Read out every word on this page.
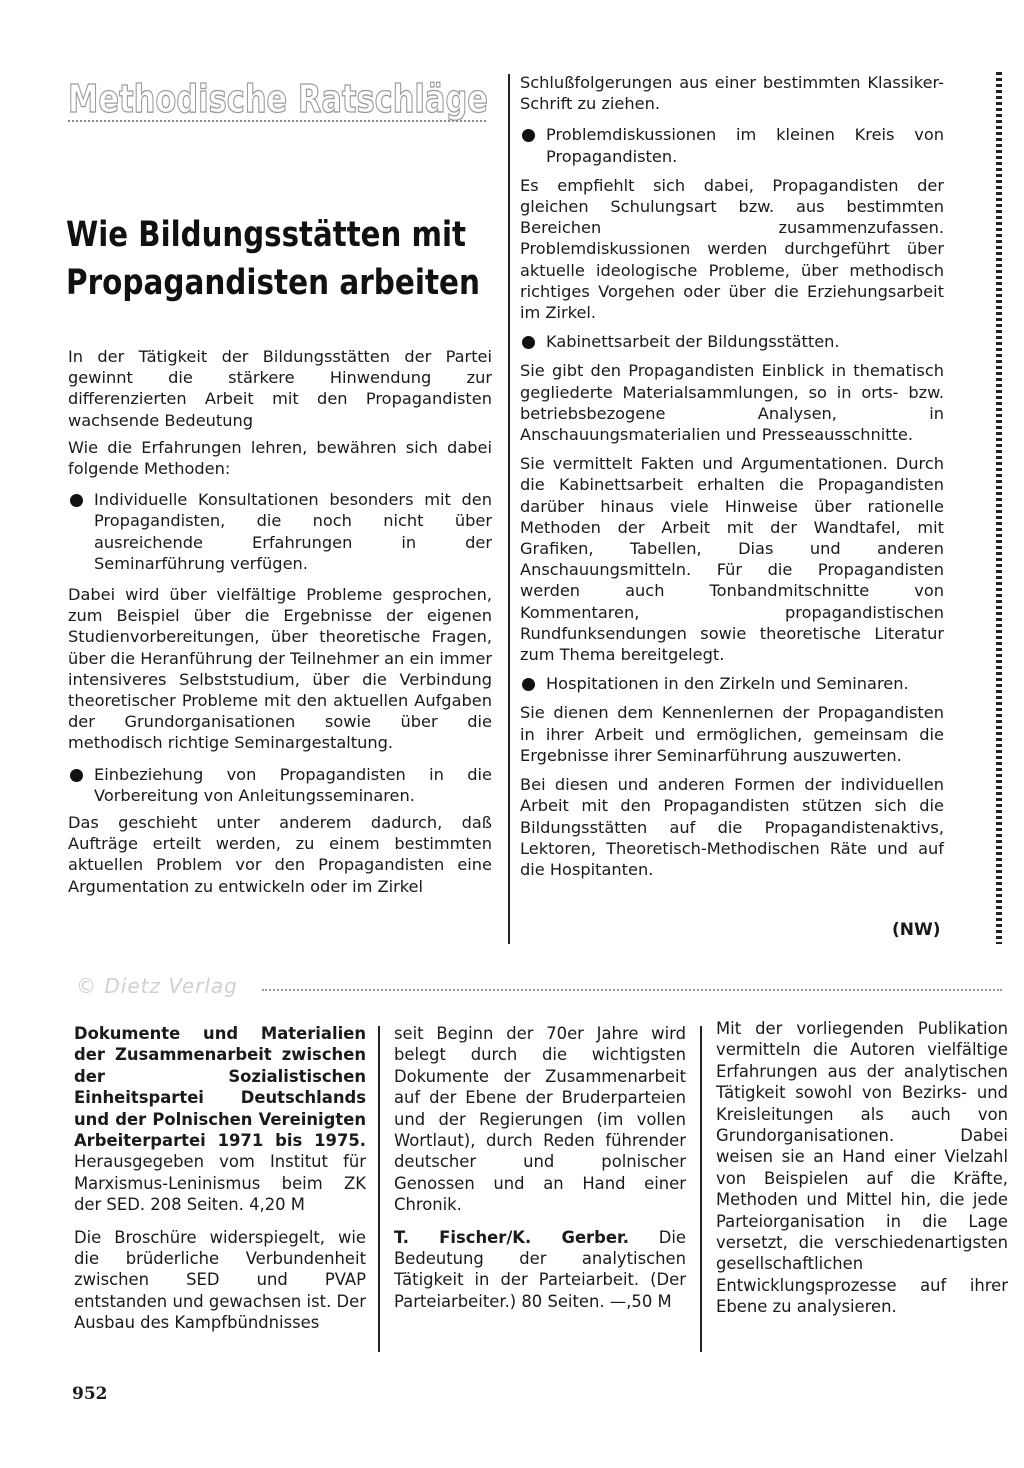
Methodische Ratschläge
Wie Bildungsstätten mit
Propagandisten arbeiten

In der Tätigkeit der Bildungsstätten der Partei gewinnt die stärkere Hinwendung zur differenzierten Arbeit mit den Propagandisten wachsende Bedeutung

Wie die Erfahrungen lehren, bewähren sich dabei folgende Methoden:

Individuelle Konsultationen besonders mit den Propagandisten, die noch nicht über ausreichende Erfahrungen in der Seminarführung verfügen.

Dabei wird über vielfältige Probleme gesprochen, zum Beispiel über die Ergebnisse der eigenen Studienvorbereitungen, über theoretische Fragen, über die Heranführung der Teilnehmer an ein immer intensiveres Selbststudium, über die Verbindung theoretischer Probleme mit den aktuellen Aufgaben der Grundorganisationen sowie über die methodisch richtige Seminargestaltung.

Einbeziehung von Propagandisten in die Vorbereitung von Anleitungsseminaren.

Das geschieht unter anderem dadurch, daß Aufträge erteilt werden, zu einem bestimmten aktuellen Problem vor den Propagandisten eine Argumentation zu entwickeln oder im Zirkel

Schlußfolgerungen aus einer bestimmten Klassiker-Schrift zu ziehen.

Problemdiskussionen im kleinen Kreis von Propagandisten.

Es empfiehlt sich dabei, Propagandisten der gleichen Schulungsart bzw. aus bestimmten Bereichen zusammenzufassen. Problemdiskussionen werden durchgeführt über aktuelle ideologische Probleme, über methodisch richtiges Vorgehen oder über die Erziehungsarbeit im Zirkel.

Kabinettsarbeit der Bildungsstätten.

Sie gibt den Propagandisten Einblick in thematisch gegliederte Materialsammlungen, so in orts- bzw. betriebsbezogene Analysen, in Anschauungsmaterialien und Presseausschnitte.

Sie vermittelt Fakten und Argumentationen. Durch die Kabinettsarbeit erhalten die Propagandisten darüber hinaus viele Hinweise über rationelle Methoden der Arbeit mit der Wandtafel, mit Grafiken, Tabellen, Dias und anderen Anschauungsmitteln. Für die Propagandisten werden auch Tonbandmitschnitte von Kommentaren, propagandistischen Rundfunksendungen sowie theoretische Literatur zum Thema bereitgelegt.

Hospitationen in den Zirkeln und Seminaren.

Sie dienen dem Kennenlernen der Propagandisten in ihrer Arbeit und ermöglichen, gemeinsam die Ergebnisse ihrer Seminarführung auszuwerten.

Bei diesen und anderen Formen der individuellen Arbeit mit den Propagandisten stützen sich die Bildungsstätten auf die Propagandistenaktivs, Lektoren, Theoretisch-Methodischen Räte und auf die Hospitanten.

(NW)
© Dietz Verlag

Dokumente und Materialien der Zusammenarbeit zwischen der Sozialistischen Einheitspartei Deutschlands und der Polnischen Vereinigten Arbeiterpartei 1971 bis 1975. Herausgegeben vom Institut für Marxismus-Leninismus beim ZK der SED. 208 Seiten. 4,20 M

Die Broschüre widerspiegelt, wie die brüderliche Verbundenheit zwischen SED und PVAP entstanden und gewachsen ist. Der Ausbau des Kampfbündnisses

seit Beginn der 70er Jahre wird belegt durch die wichtigsten Dokumente der Zusammenarbeit auf der Ebene der Bruderparteien und der Regierungen (im vollen Wortlaut), durch Reden führender deutscher und polnischer Genossen und an Hand einer Chronik.

T. Fischer/K. Gerber. Die Bedeutung der analytischen Tätigkeit in der Parteiarbeit. (Der Parteiarbeiter.) 80 Seiten. —,50 M

Mit der vorliegenden Publikation vermitteln die Autoren vielfältige Erfahrungen aus der analytischen Tätigkeit sowohl von Bezirks- und Kreisleitungen als auch von Grundorganisationen. Dabei weisen sie an Hand einer Vielzahl von Beispielen auf die Kräfte, Methoden und Mittel hin, die jede Parteiorganisation in die Lage versetzt, die verschiedenartigsten gesellschaftlichen Entwicklungsprozesse auf ihrer Ebene zu analysieren.

952
